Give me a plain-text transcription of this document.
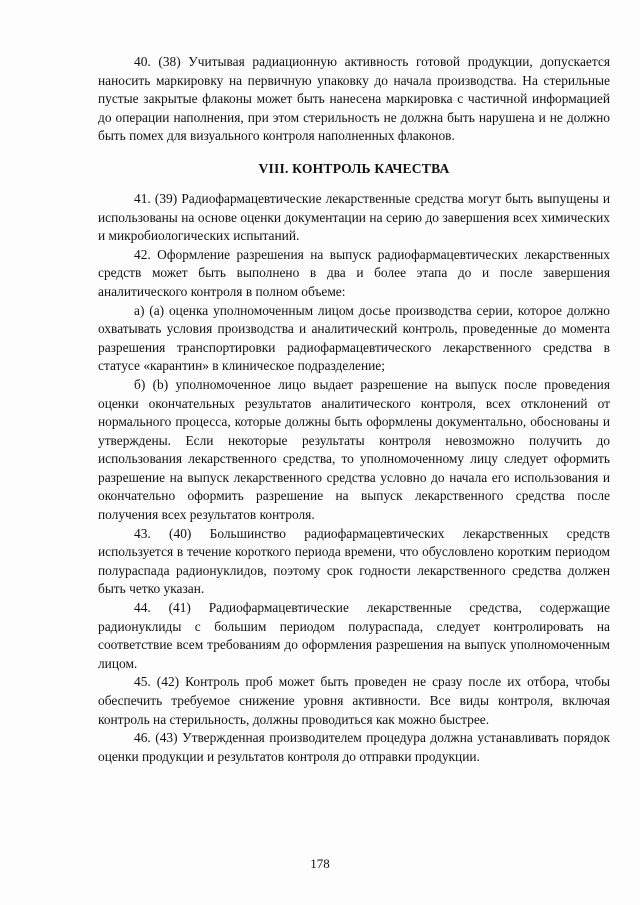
40. (38) Учитывая радиационную активность готовой продукции, допускается наносить маркировку на первичную упаковку до начала производства. На стерильные пустые закрытые флаконы может быть нанесена маркировка с частичной информацией до операции наполнения, при этом стерильность не должна быть нарушена и не должно быть помех для визуального контроля наполненных флаконов.

VIII. КОНТРОЛЬ КАЧЕСТВА

41. (39) Радиофармацевтические лекарственные средства могут быть выпущены и использованы на основе оценки документации на серию до завершения всех химических и микробиологических испытаний.

42. Оформление разрешения на выпуск радиофармацевтических лекарственных средств может быть выполнено в два и более этапа до и после завершения аналитического контроля в полном объеме:

а) (а) оценка уполномоченным лицом досье производства серии, которое должно охватывать условия производства и аналитический контроль, проведенные до момента разрешения транспортировки радиофармацевтического лекарственного средства в статусе «карантин» в клиническое подразделение;

б) (b) уполномоченное лицо выдает разрешение на выпуск после проведения оценки окончательных результатов аналитического контроля, всех отклонений от нормального процесса, которые должны быть оформлены документально, обоснованы и утверждены. Если некоторые результаты контроля невозможно получить до использования лекарственного средства, то уполномоченному лицу следует оформить разрешение на выпуск лекарственного средства условно до начала его использования и окончательно оформить разрешение на выпуск лекарственного средства после получения всех результатов контроля.

43. (40) Большинство радиофармацевтических лекарственных средств используется в течение короткого периода времени, что обусловлено коротким периодом полураспада радионуклидов, поэтому срок годности лекарственного средства должен быть четко указан.

44. (41) Радиофармацевтические лекарственные средства, содержащие радионуклиды с большим периодом полураспада, следует контролировать на соответствие всем требованиям до оформления разрешения на выпуск уполномоченным лицом.

45. (42) Контроль проб может быть проведен не сразу после их отбора, чтобы обеспечить требуемое снижение уровня активности. Все виды контроля, включая контроль на стерильность, должны проводиться как можно быстрее.

46. (43) Утвержденная производителем процедура должна устанавливать порядок оценки продукции и результатов контроля до отправки продукции.

178
